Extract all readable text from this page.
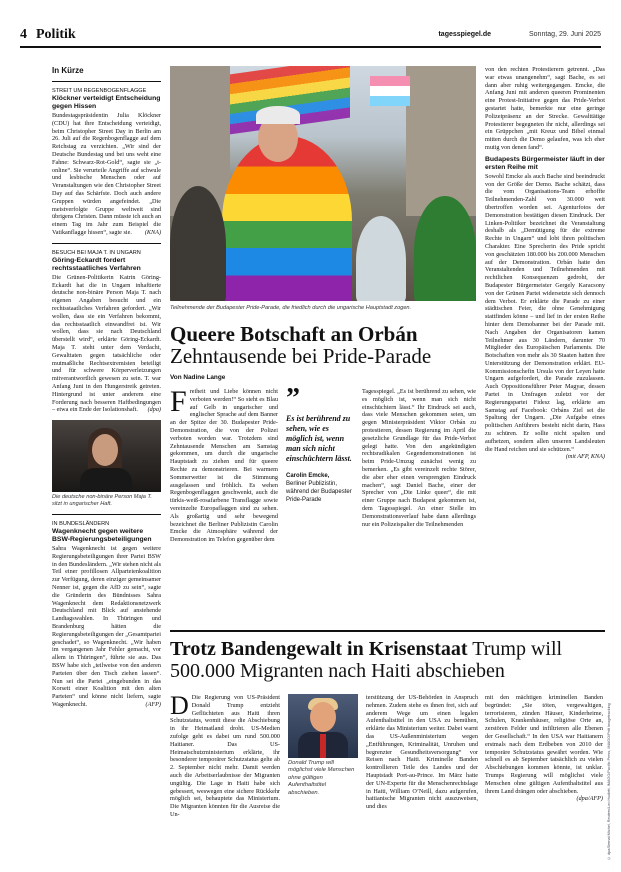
4 Politik	tagesspiegel.de	Sonntag, 29. Juni 2025
In Kürze
STREIT UM REGENBOGENFLAGGE
Klöckner verteidigt Entscheidung gegen Hissen
Bundestagspräsidentin Julia Klöckner (CDU) hat ihre Entscheidung verteidigt, beim Christopher Street Day in Berlin am 26. Juli auf die Regenbogenflagge auf dem Reichstag zu verzichten. „Wir sind der Deutsche Bundestag und bei uns weht eine Fahne: Schwarz-Rot-Gold“, sagte sie „t-online“. Sie verurteile Angriffe auf schwule und lesbische Menschen oder auf Veranstaltungen wie den Christopher Street Day auf das Schärfste. Doch auch andere Gruppen würden angefeindet. „Die meistverfolgte Gruppe weltweit sind übrigens Christen. Dann müsste ich auch an einem Tag im Jahr zum Beispiel die Vatikanflagge hissen“, sagte sie. (KNA)
BESUCH BEI MAJA T. IN UNGARN
Göring-Eckardt fordert rechtsstaatliches Verfahren
Die Grünen-Politikerin Katrin Göring-Eckardt hat die in Ungarn inhaftierte deutsche non-binäre Person Maja T. nach eigenen Angaben besucht und ein rechtsstaatliches Verfahren gefordert. „Wir wollen, dass sie ein Verfahren bekommt, das rechtsstaatlich einwandfrei ist. Wir wollen, dass sie nach Deutschland überstellt wird“, erklärte Göring-Eckardt. Maja T. steht unter dem Verdacht, Gewalttaten gegen tatsächliche oder mutmaßliche Rechtsextremisten beteiligt und für schwere Körperverletzungen mitverantwortlich gewesen zu sein. T. war Anfang Juni in den Hungerstreik getreten. Hintergrund ist unter anderem eine Forderung nach besseren Haftbedingungen – etwa ein Ende der Isolationshaft. (dpa)
Die deutsche non-binäre Person Maja T. sitzt in ungarischer Haft.
IN BUNDESLÄNDERN
Wagenknecht gegen weitere BSW-Regierungsbeteiligungen
Sahra Wagenknecht ist gegen weitere Regierungsbeteiligungen ihrer Partei BSW in den Bundesländern. „Wir stehen nicht als Teil einer profillosen Allparteienkoalition zur Verfügung, deren einziger gemeinsamer Nenner ist, gegen die AfD zu sein“, sagte die Gründerin des Bündnisses Sahra Wagenknecht dem Redaktionsnetzwerk Deutschland mit Blick auf anstehende Landtagswahlen. In Thüringen und Brandenburg hätten die Regierungsbeteiligungen der „Gesamtpartei geschadet“, so Wagenknecht. „Wir haben im vergangenen Jahr Fehler gemacht, vor allem in Thüringen“, führte sie aus. Das BSW habe sich „teilweise von den anderen Parteien über den Tisch ziehen lassen“. Nun sei die Partei „eingebunden in das Korsett einer Koalition mit den alten Parteien“ und könne nicht liefern, sagte Wagenknecht.	(AFP)
Teilnehmende der Budapester Pride-Parade, die friedlich durch die ungarische Hauptstadt zogen.
von den rechten Protestierern getrennt. „Das war etwas unangenehm“, sagt Bache, es sei dann aber ruhig weitergegangen. Emcke, die Anfang Juni mit anderen queeren Prominenten eine Protest-Initiative gegen das Pride-Verbot gestartet hatte, bemerkte nur eine geringe Polizeipräsenz an der Strecke. Gewalttätige Protestierer begegneten ihr nicht, allerdings sei ein Grüppchen „mit Kreuz und Bibel einmal mitten durch die Demo gelaufen, was ich eher mutig von denen fand“.
Budapests Bürgermeister läuft in der ersten Reihe mit
Sowohl Emcke als auch Bache sind beeindruckt von der Größe der Demo. Bache schätzt, dass die vom Organisations-Team erhoffte Teilnehmenden-Zahl von 30.000 weit übertroffen worden sei. Agenturfotos der Demonstration bestätigen diesen Eindruck. Der Linken-Politiker bezeichnet die Veranstaltung deshalb als „Demütigung für die extreme Rechte in Ungarn“ und lobt ihren politischen Charakter. Eine Sprecherin des Pride spricht von geschätzten 180.000 bis 200.000 Menschen auf der Demonstration. Orbán hatte den Veranstaltenden und Teilnehmenden mit rechtlichen Konsequenzen gedroht, der Budapester Bürgermeister Gergely Karacsony von der Grünen Partei widersetzte sich dennoch dem Verbot. Er erklärte die Parade zu einer städtischen Feier, die ohne Genehmigung stattfinden könne – und lief in der ersten Reihe hinter dem Demobanner bei der Parade mit. Nach Angaben der Organisatoren kamen Teilnehmer aus 30 Ländern, darunter 70 Mitglieder des Europäischen Parlaments. Die Botschaften von mehr als 30 Staaten hatten ihre Unterstützung der Demonstration erklärt. EU-Kommissionschefin Ursula von der Leyen hatte Ungarn aufgefordert, die Parade zuzulassen. Auch Oppositionsführer Peter Magyar, dessen Partei in Umfragen zuletzt vor der Regierungspartei Fidesz lag, erklärte am Samstag auf Facebook: Orbáns Ziel sei die Spaltung der Ungarn. „Die Aufgabe eines politischen Anführers besteht nicht darin, Hass zu schüren. Er sollte nicht spalten und aufhetzen, sondern allen unseren Landsleuten die Hand reichen und sie schützen.“
(mit AFP, KNA)
Queere Botschaft an Orbán
Zehntausende bei Pride-Parade
Von Nadine Lange
Freiheit und Liebe können nicht verboten werden!“ So steht es Blau auf Gelb in ungarischer und englischer Sprache auf dem Banner an der Spitze der 30. Budapester Pride-Demonstration, die von der Polizei verboten worden war. Trotzdem sind Zehntausende Menschen am Samstag gekommen, um durch die ungarische Hauptstadt zu ziehen und für queere Rechte zu demonstrieren. Bei warmem Sommerwetter ist die Stimmung ausgelassen und fröhlich. Es wehen Regenbogenflaggen geschwenkt, auch die türkis-weiß-rosafarbene Transflagge sowie vereinzelte Europaflaggen sind zu sehen. Als großartig und sehr bewegend bezeichnet die Berliner Publizistin Carolin Emcke die Atmosphäre während der Demonstration im Telefon gegenüber dem
”
Es ist berührend zu sehen, wie es möglich ist, wenn man sich nicht einschüchtern lässt.
Carolin Emcke,
Berliner Publizistin, während der Budapester Pride-Parade
Tagesspiegel. „Es ist berührend zu sehen, wie es möglich ist, wenn man sich nicht einschüchtern lässt.“ Ihr Eindruck sei auch, dass viele Menschen gekommen seien, um gegen Ministerpräsident Viktor Orbán zu protestieren, dessen Regierung im April die gesetzliche Grundlage für das Pride-Verbot gelegt hatte. Von den angekündigten rechtsradikalen Gegendemonstrationen ist beim Pride-Umzug zunächst wenig zu bemerken. „Es gibt vereinzelt rechte Störer, die aber eher einen versprengten Eindruck machen“, sagt Daniel Bache, einer der Sprecher von „Die Linke queer“, die mit einer Gruppe nach Budapest gekommen ist, dem Tagesspiegel. An einer Stelle im Demonstrationsverlauf habe dann allerdings nur ein Polizeispalier die Teilnehmenden
Trotz Bandengewalt in Krisenstaat Trump will 500.000 Migranten nach Haiti abschieben
D Die Regierung von US-Präsident Donald Trump entzieht Geflüchteten aus Haiti ihren Schutzstatus, womit diese die Abschiebung in ihr Heimatland droht. US-Medien zufolge geht es dabei um rund 500.000 Haitianer. Das US-Heimatschutzministerium erklärte, ihr besonderer temporärer Schutzstatus gelte ab 2. September nicht mehr. Damit werden auch die Arbeitserlaubnisse der Migranten ungültig. Die Lage in Haiti habe sich gebessert, weswegen eine sichere Rückkehr möglich sei, behauptete das Ministerium. Die Migranten könnten für die Ausreise die Un-
Donald Trump will möglichst viele Menschen ohne gültigen Aufenthaltstitel abschieben.
terstützung der US-Behörden in Anspruch nehmen. Zudem stehe es ihnen frei, sich auf anderem Wege um einen legalen Aufenthaltstitel in den USA zu bemühen, erklärte das Ministerium weiter. Dabei warnt das US-Außenministerium wegen „Entführungen, Kriminalität, Unruhen und begrenzter Gesundheitsversorgung“ vor Reisen nach Haiti. Kriminelle Banden kontrollieren Teile des Landes und der Hauptstadt Port-au-Prince. Im März hatte der UN-Experte für die Menschenrechtslage in Haiti, William O’Neill, dazu aufgerufen, haitianische Migranten nicht auszuweisen, und dies
mit den mächtigen kriminellen Banden begründet: „Sie töten, vergewaltigen, terrorisieren, zünden Häuser, Kinderheime, Schulen, Krankenhäuser, religiöse Orte an, zerstören Felder und infiltrieren alle Ebenen der Gesellschaft.“ In den USA war Haitianern erstmals nach dem Erdbeben von 2010 der temporäre Schutzstatus gewährt worden. Wie schnell es ab September tatsächlich zu vielen Abschiebungen kommen könnte, ist unklar. Trumps Regierung will möglichst viele Menschen ohne gültigen Aufenthaltstitel aus ihrem Land drängen oder abschieben.
(dpa/AFP) © dpa/Bernat Michel, Reuters/Leo Hudlett, IMAGO/Pacific Press, IMAGO/Pritt Imagetracking
